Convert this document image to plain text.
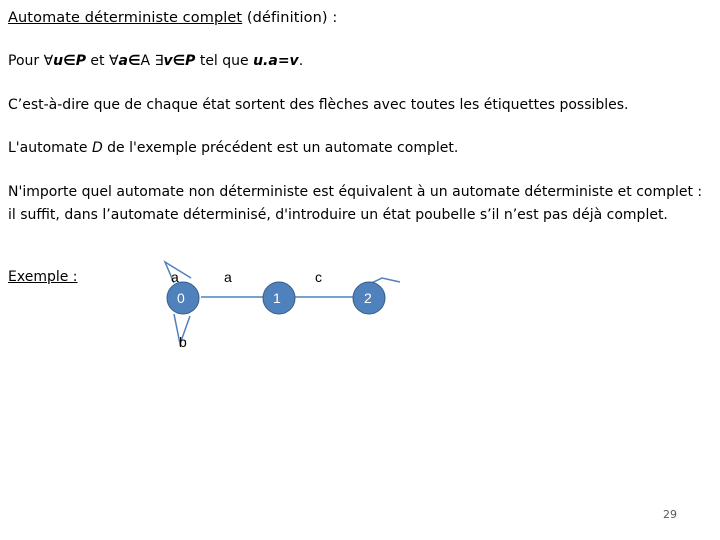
Automate déterministe complet (définition) :
Pour ∀u∈P et ∀a∈A ∃v∈P tel que u.a=v.
C’est-à-dire que de chaque état sortent des flèches avec toutes les étiquettes possibles.
L'automate D de l'exemple précédent est un automate complet.
N'importe quel automate non déterministe est équivalent à un automate déterministe et complet : il suffit, dans l’automate déterminisé, d'introduire un état poubelle s’il n’est pas déjà complet.
Exemple :
0	1	2
a	a	c
b
29
